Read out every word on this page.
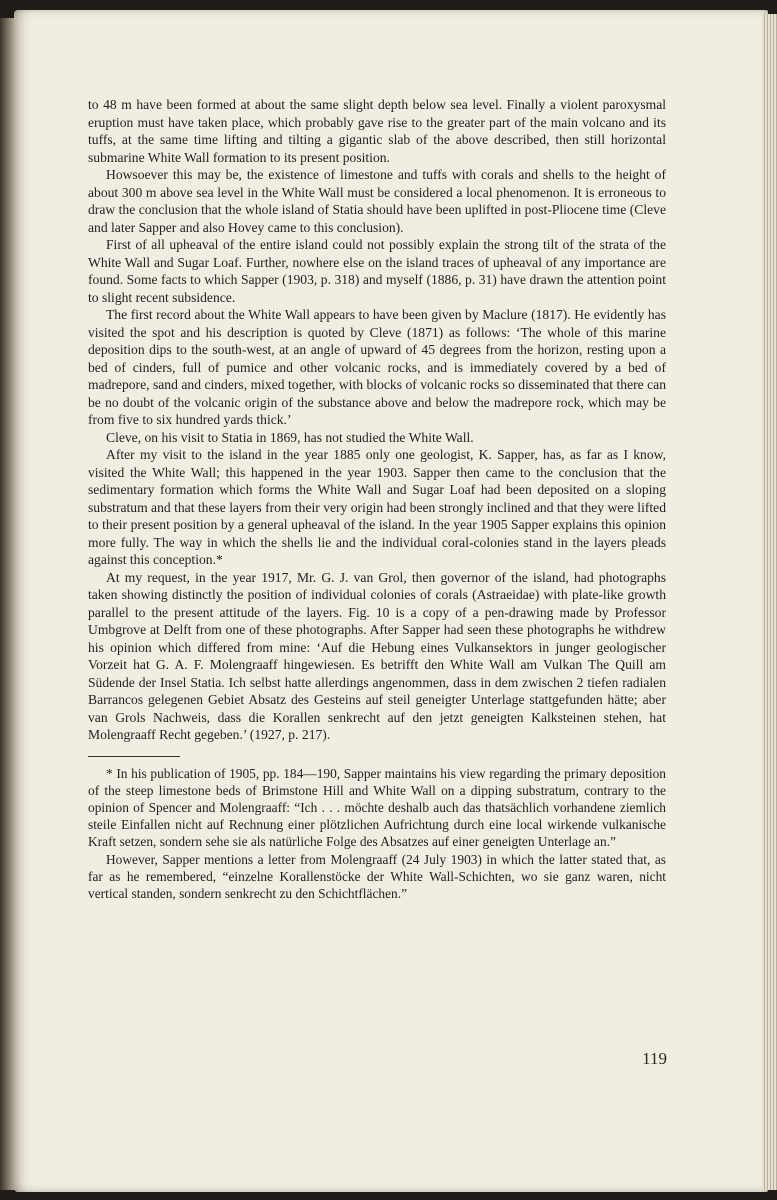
to 48 m have been formed at about the same slight depth below sea level. Finally a violent paroxysmal eruption must have taken place, which probably gave rise to the greater part of the main volcano and its tuffs, at the same time lifting and tilting a gigantic slab of the above described, then still horizontal submarine White Wall formation to its present position.

Howsoever this may be, the existence of limestone and tuffs with corals and shells to the height of about 300 m above sea level in the White Wall must be considered a local phenomenon. It is erroneous to draw the conclusion that the whole island of Statia should have been uplifted in post-Pliocene time (Cleve and later Sapper and also Hovey came to this conclusion).

First of all upheaval of the entire island could not possibly explain the strong tilt of the strata of the White Wall and Sugar Loaf. Further, nowhere else on the island traces of upheaval of any importance are found. Some facts to which Sapper (1903, p. 318) and myself (1886, p. 31) have drawn the attention point to slight recent subsidence.

The first record about the White Wall appears to have been given by Maclure (1817). He evidently has visited the spot and his description is quoted by Cleve (1871) as follows: ‘The whole of this marine deposition dips to the south-west, at an angle of upward of 45 degrees from the horizon, resting upon a bed of cinders, full of pumice and other volcanic rocks, and is immediately covered by a bed of madrepore, sand and cinders, mixed together, with blocks of volcanic rocks so disseminated that there can be no doubt of the volcanic origin of the substance above and below the madrepore rock, which may be from five to six hundred yards thick.’

Cleve, on his visit to Statia in 1869, has not studied the White Wall.

After my visit to the island in the year 1885 only one geologist, K. Sapper, has, as far as I know, visited the White Wall; this happened in the year 1903. Sapper then came to the conclusion that the sedimentary formation which forms the White Wall and Sugar Loaf had been deposited on a sloping substratum and that these layers from their very origin had been strongly inclined and that they were lifted to their present position by a general upheaval of the island. In the year 1905 Sapper explains this opinion more fully. The way in which the shells lie and the individual coral-colonies stand in the layers pleads against this conception.*

At my request, in the year 1917, Mr. G. J. van Grol, then governor of the island, had photographs taken showing distinctly the position of individual colonies of corals (Astraeidae) with plate-like growth parallel to the present attitude of the layers. Fig. 10 is a copy of a pen-drawing made by Professor Umbgrove at Delft from one of these photographs. After Sapper had seen these photographs he withdrew his opinion which differed from mine: ‘Auf die Hebung eines Vulkansektors in junger geologischer Vorzeit hat G. A. F. Molengraaff hingewiesen. Es betrifft den White Wall am Vulkan The Quill am Südende der Insel Statia. Ich selbst hatte allerdings angenommen, dass in dem zwischen 2 tiefen radialen Barrancos gelegenen Gebiet Absatz des Gesteins auf steil geneigter Unterlage stattgefunden hätte; aber van Grols Nachweis, dass die Korallen senkrecht auf den jetzt geneigten Kalksteinen stehen, hat Molengraaff Recht gegeben.’ (1927, p. 217).

* In his publication of 1905, pp. 184—190, Sapper maintains his view regarding the primary deposition of the steep limestone beds of Brimstone Hill and White Wall on a dipping substratum, contrary to the opinion of Spencer and Molengraaff: “Ich . . . möchte deshalb auch das thatsächlich vorhandene ziemlich steile Einfallen nicht auf Rechnung einer plötzlichen Aufrichtung durch eine local wirkende vulkanische Kraft setzen, sondern sehe sie als natürliche Folge des Absatzes auf einer geneigten Unterlage an.”

However, Sapper mentions a letter from Molengraaff (24 July 1903) in which the latter stated that, as far as he remembered, “einzelne Korallenstöcke der White Wall-Schichten, wo sie ganz waren, nicht vertical standen, sondern senkrecht zu den Schichtflächen.”

119
